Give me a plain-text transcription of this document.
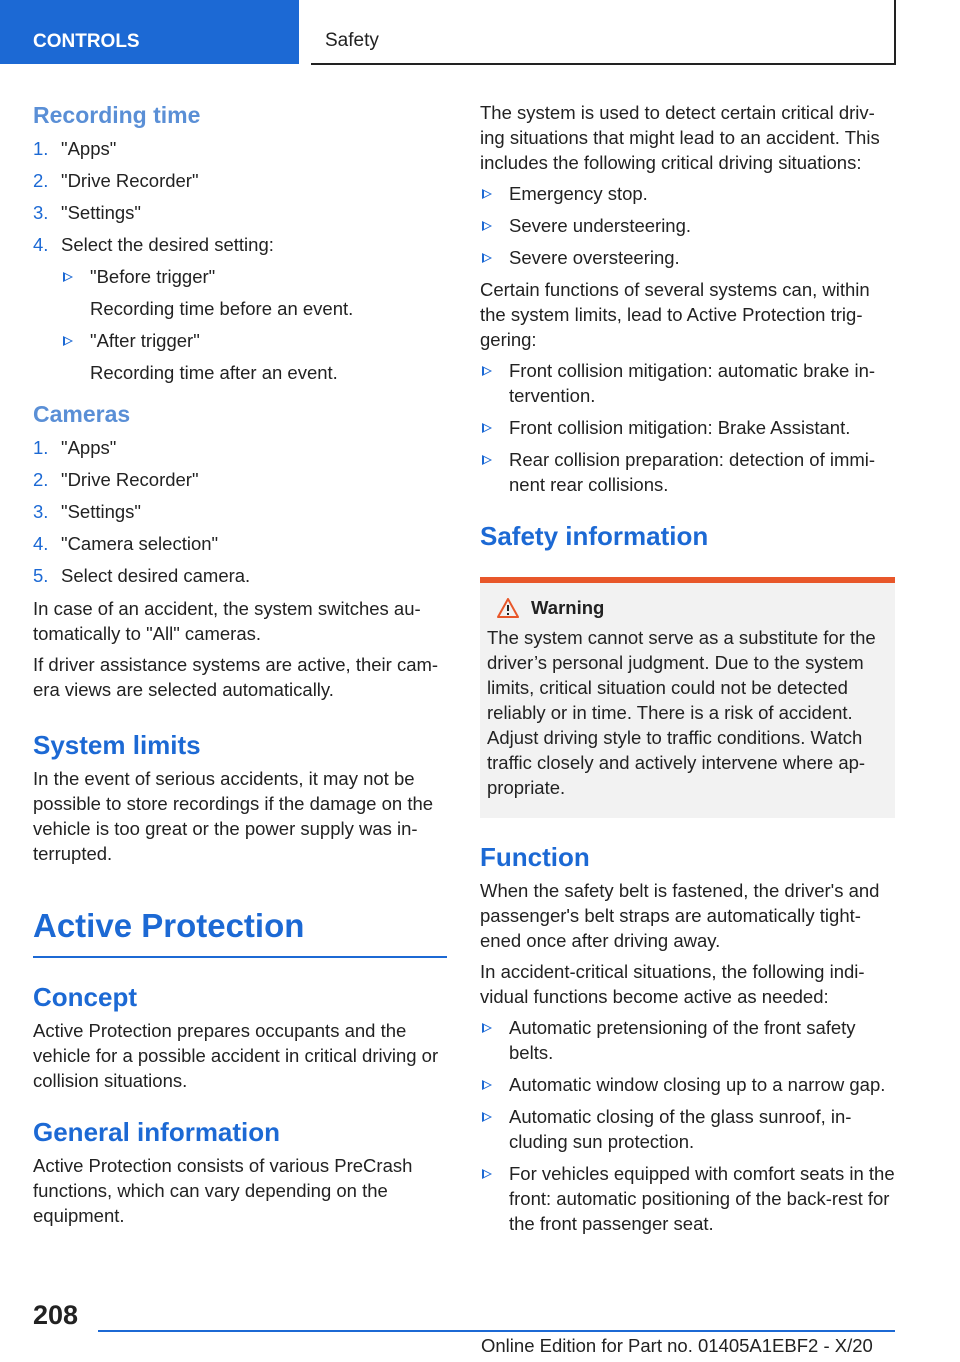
CONTROLS	Safety
Recording time
1. "Apps"
2. "Drive Recorder"
3. "Settings"
4. Select the desired setting:
"Before trigger"
Recording time before an event.
"After trigger"
Recording time after an event.
Cameras
1. "Apps"
2. "Drive Recorder"
3. "Settings"
4. "Camera selection"
5. Select desired camera.

In case of an accident, the system switches au-tomatically to "All" cameras.

If driver assistance systems are active, their cam-era views are selected automatically.

System limits

In the event of serious accidents, it may not be possible to store recordings if the damage on the vehicle is too great or the power supply was in-terrupted.

Active Protection
Concept

Active Protection prepares occupants and the vehicle for a possible accident in critical driving or collision situations.

General information

Active Protection consists of various PreCrash functions, which can vary depending on the equipment.

The system is used to detect certain critical driv-ing situations that might lead to an accident. This includes the following critical driving situations:

Emergency stop.
Severe understeering.
Severe oversteering.

Certain functions of several systems can, within the system limits, lead to Active Protection trig-gering:

Front collision mitigation: automatic brake in-tervention.
Front collision mitigation: Brake Assistant.
Rear collision preparation: detection of immi-nent rear collisions.
Safety information
Warning

The system cannot serve as a substitute for the driver’s personal judgment. Due to the system limits, critical situation could not be detected reliably or in time. There is a risk of accident. Adjust driving style to traffic conditions. Watch traffic closely and actively intervene where ap-propriate.

Function

When the safety belt is fastened, the driver's and passenger's belt straps are automatically tight-ened once after driving away.

In accident-critical situations, the following indi-vidual functions become active as needed:

Automatic pretensioning of the front safety belts.
Automatic window closing up to a narrow gap.
Automatic closing of the glass sunroof, in-cluding sun protection.
For vehicles equipped with comfort seats in the front: automatic positioning of the back-rest for the front passenger seat.
208
Online Edition for Part no. 01405A1EBF2 - X/20
